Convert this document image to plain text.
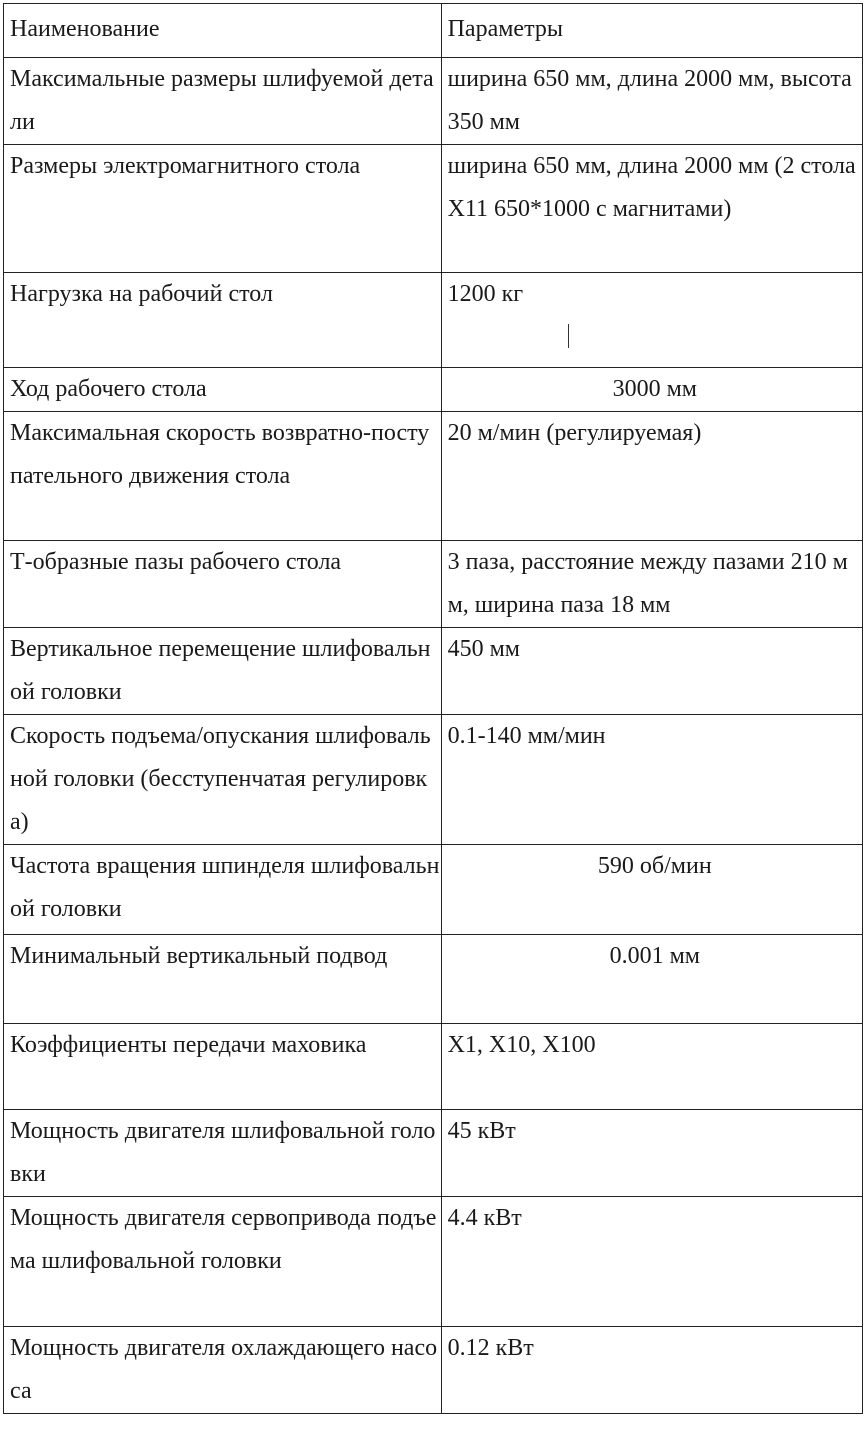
Наименование	Параметры
Максимальные размеры шлифуемой детали	ширина 650 мм, длина 2000 мм, высота 350 мм
Размеры электромагнитного стола	ширина 650 мм, длина 2000 мм (2 стола X11 650*1000 с магнитами)
Нагрузка на рабочий стол	1200 кг

Ход рабочего стола	3000 мм
Максимальная скорость возвратно-поступательного движения стола	20 м/мин (регулируемая)
Т-образные пазы рабочего стола	3 паза, расстояние между пазами 210 мм, ширина паза 18 мм
Вертикальное перемещение шлифовальной головки	450 мм
Скорость подъема/опускания шлифовальной головки (бесступенчатая регулировка)	0.1-140 мм/мин
Частота вращения шпинделя шлифовальной головки	590 об/мин
Минимальный вертикальный подвод	0.001 мм
Коэффициенты передачи маховика	X1, X10, X100
Мощность двигателя шлифовальной головки	45 кВт
Мощность двигателя сервопривода подъема шлифовальной головки	4.4 кВт
Мощность двигателя охлаждающего насоса	0.12 кВт
